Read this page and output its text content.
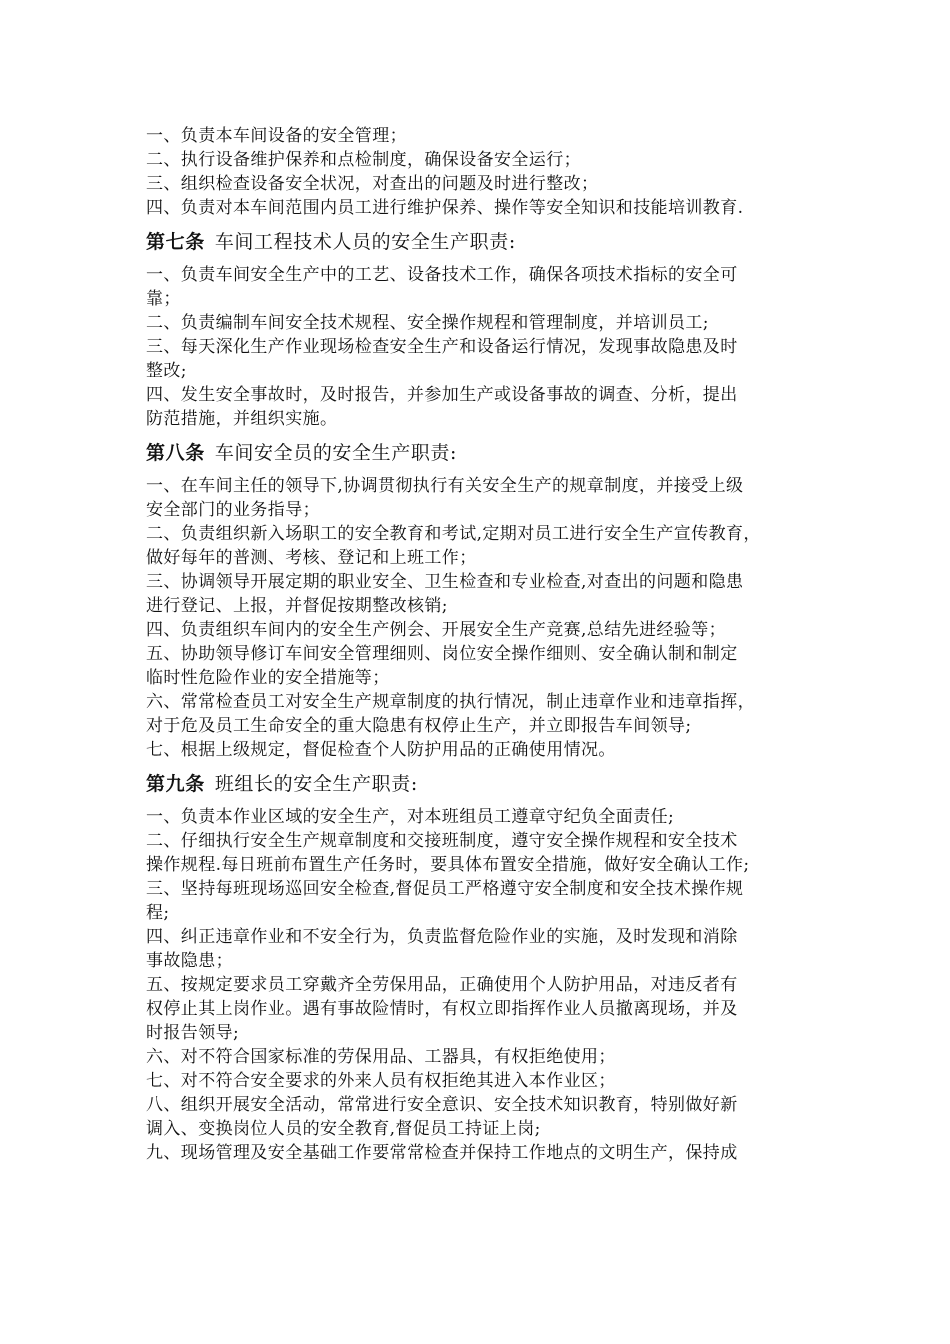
一、负责本车间设备的安全管理；
二、执行设备维护保养和点检制度，确保设备安全运行；
三、组织检查设备安全状况，对查出的问题及时进行整改；
四、负责对本车间范围内员工进行维护保养、操作等安全知识和技能培训教育.
第七条 车间工程技术人员的安全生产职责:
一、负责车间安全生产中的工艺、设备技术工作，确保各项技术指标的安全可
靠；
二、负责编制车间安全技术规程、安全操作规程和管理制度，并培训员工;
三、每天深化生产作业现场检查安全生产和设备运行情况，发现事故隐患及时
整改;
四、发生安全事故时，及时报告，并参加生产或设备事故的调查、分析，提出
防范措施，并组织实施。
第八条 车间安全员的安全生产职责:
一、在车间主任的领导下,协调贯彻执行有关安全生产的规章制度，并接受上级
安全部门的业务指导；
二、负责组织新入场职工的安全教育和考试,定期对员工进行安全生产宣传教育，
做好每年的普测、考核、登记和上班工作；
三、协调领导开展定期的职业安全、卫生检查和专业检查,对查出的问题和隐患
进行登记、上报，并督促按期整改核销;
四、负责组织车间内的安全生产例会、开展安全生产竞赛,总结先进经验等；
五、协助领导修订车间安全管理细则、岗位安全操作细则、安全确认制和制定
临时性危险作业的安全措施等；
六、常常检查员工对安全生产规章制度的执行情况，制止违章作业和违章指挥，
对于危及员工生命安全的重大隐患有权停止生产，并立即报告车间领导;
七、根据上级规定，督促检查个人防护用品的正确使用情况。
第九条 班组长的安全生产职责:
一、负责本作业区域的安全生产，对本班组员工遵章守纪负全面责任;
二、仔细执行安全生产规章制度和交接班制度，遵守安全操作规程和安全技术
操作规程.每日班前布置生产任务时，要具体布置安全措施，做好安全确认工作;
三、坚持每班现场巡回安全检查,督促员工严格遵守安全制度和安全技术操作规
程;
四、纠正违章作业和不安全行为，负责监督危险作业的实施，及时发现和消除
事故隐患；
五、按规定要求员工穿戴齐全劳保用品，正确使用个人防护用品，对违反者有
权停止其上岗作业。遇有事故险情时，有权立即指挥作业人员撤离现场，并及
时报告领导;
六、对不符合国家标准的劳保用品、工器具，有权拒绝使用；
七、对不符合安全要求的外来人员有权拒绝其进入本作业区；
八、组织开展安全活动，常常进行安全意识、安全技术知识教育，特别做好新
调入、变换岗位人员的安全教育,督促员工持证上岗;
九、现场管理及安全基础工作要常常检查并保持工作地点的文明生产，保持成
